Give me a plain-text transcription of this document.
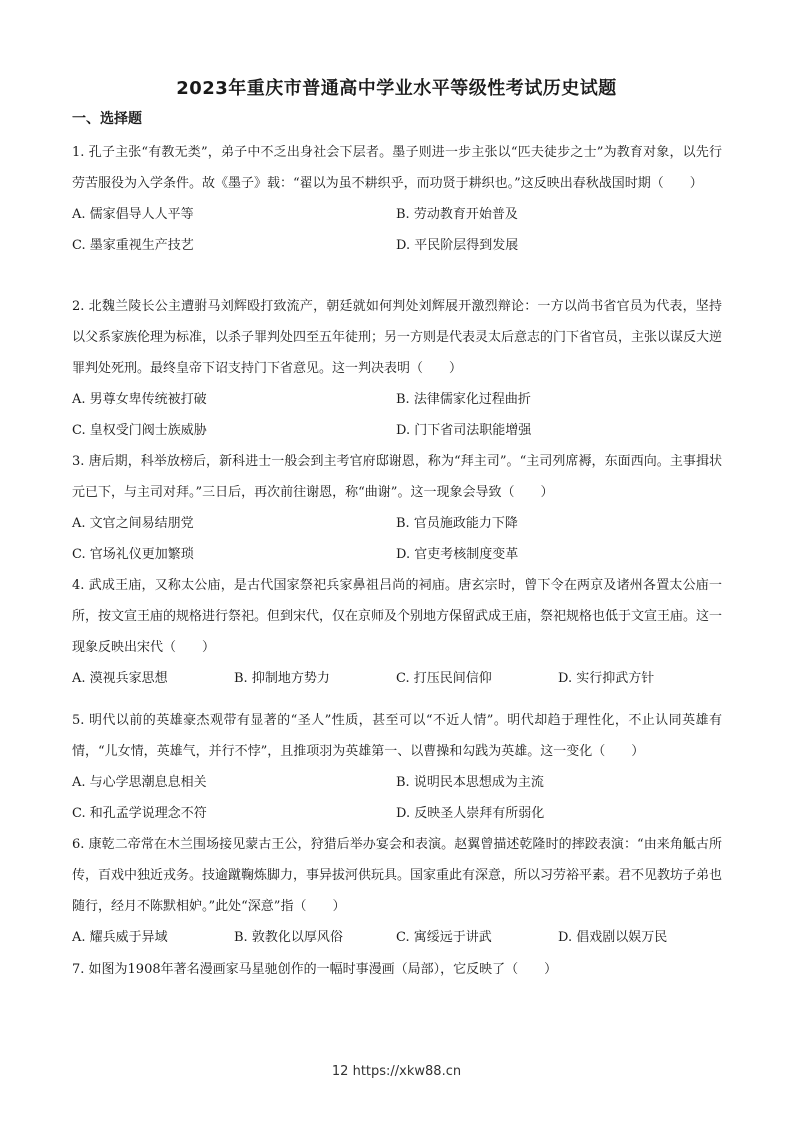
2023年重庆市普通高中学业水平等级性考试历史试题
一、选择题
1. 孔子主张“有教无类”，弟子中不乏出身社会下层者。墨子则进一步主张以“匹夫徒步之士”为教育对象，以先行劳苦服役为入学条件。故《墨子》载：“翟以为虽不耕织乎，而功贤于耕织也。”这反映出春秋战国时期（　　）
A. 儒家倡导人人平等	B. 劳动教育开始普及
C. 墨家重视生产技艺	D. 平民阶层得到发展
2. 北魏兰陵长公主遭驸马刘辉殴打致流产，朝廷就如何判处刘辉展开激烈辩论：一方以尚书省官员为代表，坚持以父系家族伦理为标准，以杀子罪判处四至五年徒刑；另一方则是代表灵太后意志的门下省官员，主张以谋反大逆罪判处死刑。最终皇帝下诏支持门下省意见。这一判决表明（　　）
A. 男尊女卑传统被打破	B. 法律儒家化过程曲折
C. 皇权受门阀士族威胁	D. 门下省司法职能增强
3. 唐后期，科举放榜后，新科进士一般会到主考官府邸谢恩，称为“拜主司”。“主司列席褥，东面西向。主事揖状元已下，与主司对拜。”三日后，再次前往谢恩，称“曲谢”。这一现象会导致（　　）
A. 文官之间易结朋党	B. 官员施政能力下降
C. 官场礼仪更加繁琐	D. 官吏考核制度变革
4. 武成王庙，又称太公庙，是古代国家祭祀兵家鼻祖吕尚的祠庙。唐玄宗时，曾下令在两京及诸州各置太公庙一所，按文宣王庙的规格进行祭祀。但到宋代，仅在京师及个别地方保留武成王庙，祭祀规格也低于文宣王庙。这一现象反映出宋代（　　）
A. 漠视兵家思想	B. 抑制地方势力	C. 打压民间信仰	D. 实行抑武方针
5. 明代以前的英雄豪杰观带有显著的“圣人”性质，甚至可以“不近人情”。明代却趋于理性化，不止认同英雄有情，“儿女情，英雄气，并行不悖”，且推项羽为英雄第一、以曹操和勾践为英雄。这一变化（　　）
A. 与心学思潮息息相关	B. 说明民本思想成为主流
C. 和孔孟学说理念不符	D. 反映圣人崇拜有所弱化
6. 康乾二帝常在木兰围场接见蒙古王公，狩猎后举办宴会和表演。赵翼曾描述乾隆时的摔跤表演：“由来角觝古所传，百戏中独近戎务。技逾蹴鞠炼脚力，事异拔河供玩具。国家重此有深意，所以习劳裕平素。君不见教坊子弟也随行，经月不陈默相妒。”此处“深意”指（　　）
A. 耀兵威于异域	B. 敦教化以厚风俗	C. 寓绥远于讲武	D. 倡戏剧以娱万民
7. 如图为1908年著名漫画家马星驰创作的一幅时事漫画（局部），它反映了（　　）
12 https://xkw88.cn
